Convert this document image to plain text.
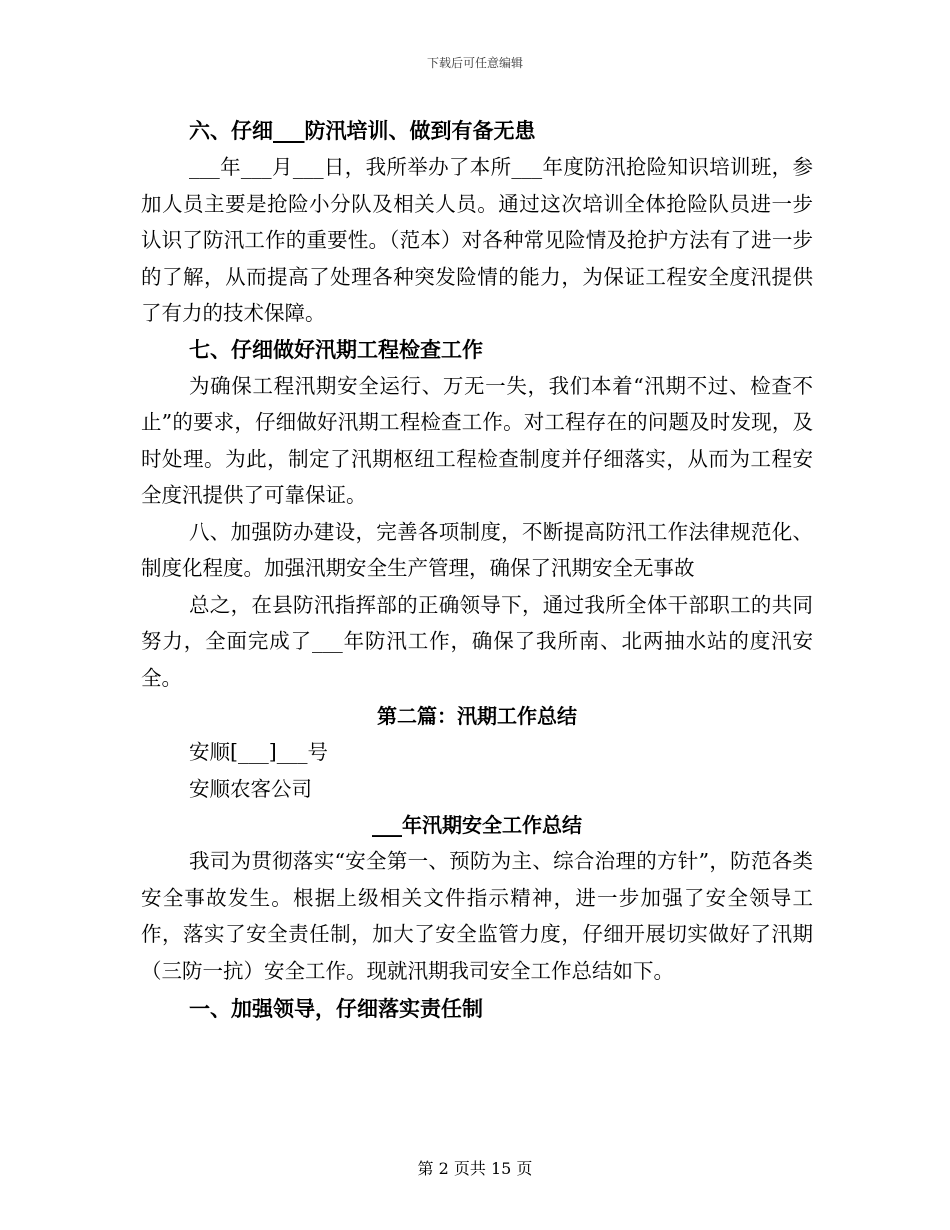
下载后可任意编辑

六、仔细___防汛培训、做到有备无患

___年___月___日，我所举办了本所___年度防汛抢险知识培训班，参加人员主要是抢险小分队及相关人员。通过这次培训全体抢险队员进一步认识了防汛工作的重要性。（范本）对各种常见险情及抢护方法有了进一步的了解，从而提高了处理各种突发险情的能力，为保证工程安全度汛提供了有力的技术保障。

七、仔细做好汛期工程检查工作

为确保工程汛期安全运行、万无一失，我们本着“汛期不过、检查不止”的要求，仔细做好汛期工程检查工作。对工程存在的问题及时发现，及时处理。为此，制定了汛期枢纽工程检查制度并仔细落实，从而为工程安全度汛提供了可靠保证。

八、加强防办建设，完善各项制度，不断提高防汛工作法律规范化、制度化程度。加强汛期安全生产管理，确保了汛期安全无事故

总之，在县防汛指挥部的正确领导下，通过我所全体干部职工的共同努力，全面完成了___年防汛工作，确保了我所南、北两抽水站的度汛安全。

第二篇：汛期工作总结

安顺[___]___号

安顺农客公司

___年汛期安全工作总结

我司为贯彻落实“安全第一、预防为主、综合治理的方针”，防范各类安全事故发生。根据上级相关文件指示精神，进一步加强了安全领导工作，落实了安全责任制，加大了安全监管力度，仔细开展切实做好了汛期（三防一抗）安全工作。现就汛期我司安全工作总结如下。

一、加强领导，仔细落实责任制

第 2 页共 15 页
